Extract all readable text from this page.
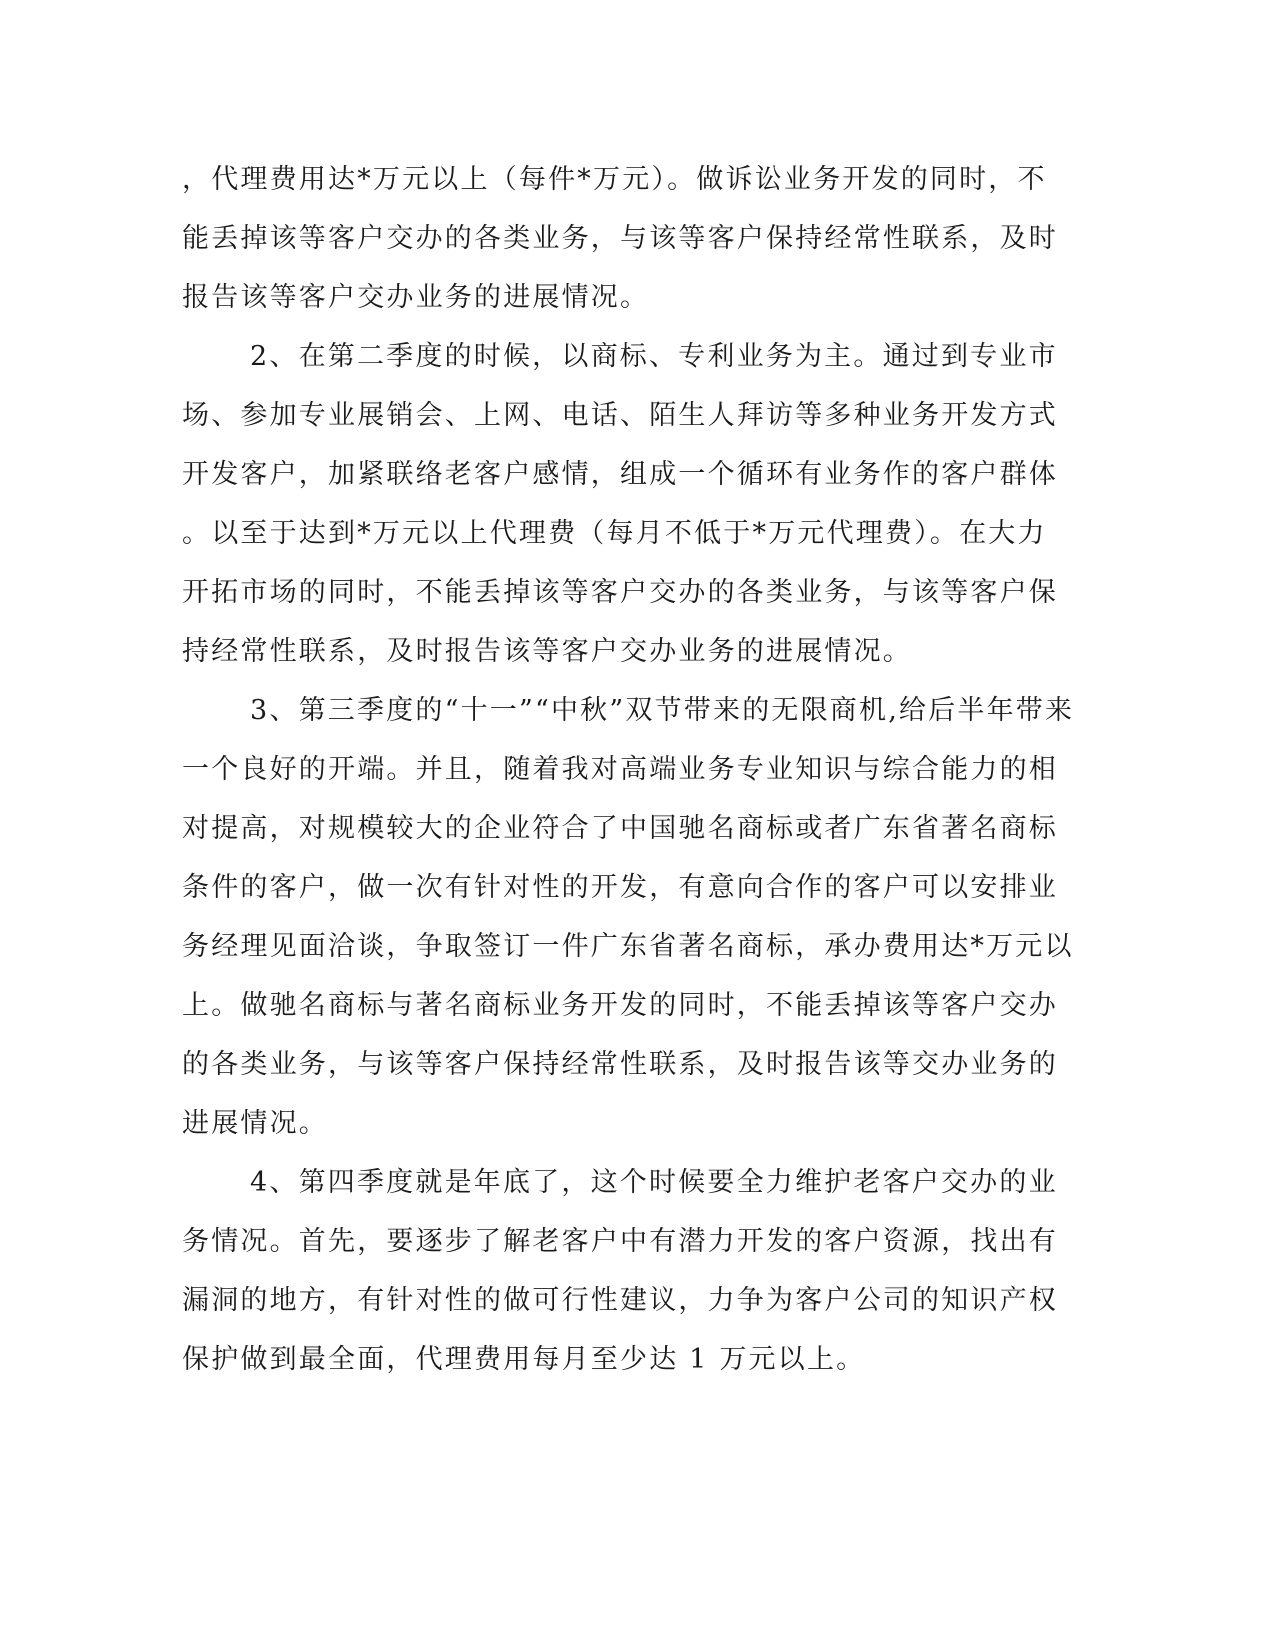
，代理费用达*万元以上（每件*万元）。做诉讼业务开发的同时，不
能丢掉该等客户交办的各类业务，与该等客户保持经常性联系，及时
报告该等客户交办业务的进展情况。
2、在第二季度的时候，以商标、专利业务为主。通过到专业市
场、参加专业展销会、上网、电话、陌生人拜访等多种业务开发方式
开发客户，加紧联络老客户感情，组成一个循环有业务作的客户群体
。以至于达到*万元以上代理费（每月不低于*万元代理费）。在大力
开拓市场的同时，不能丢掉该等客户交办的各类业务，与该等客户保
持经常性联系，及时报告该等客户交办业务的进展情况。
3、第三季度的“十一”“中秋”双节带来的无限商机,给后半年带来
一个良好的开端。并且，随着我对高端业务专业知识与综合能力的相
对提高，对规模较大的企业符合了中国驰名商标或者广东省著名商标
条件的客户，做一次有针对性的开发，有意向合作的客户可以安排业
务经理见面洽谈，争取签订一件广东省著名商标，承办费用达*万元以
上。做驰名商标与著名商标业务开发的同时，不能丢掉该等客户交办
的各类业务，与该等客户保持经常性联系，及时报告该等交办业务的
进展情况。
4、第四季度就是年底了，这个时候要全力维护老客户交办的业
务情况。首先，要逐步了解老客户中有潜力开发的客户资源，找出有
漏洞的地方，有针对性的做可行性建议，力争为客户公司的知识产权
保护做到最全面，代理费用每月至少达 1 万元以上。
